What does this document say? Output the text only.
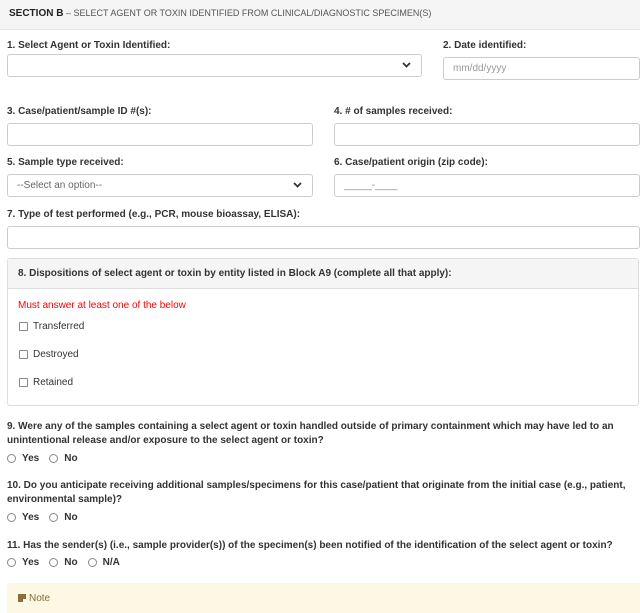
SECTION B – SELECT AGENT OR TOXIN IDENTIFIED FROM CLINICAL/DIAGNOSTIC SPECIMEN(S)
1. Select Agent or Toxin Identified:	2. Date identified:
mm/dd/yyyy
3. Case/patient/sample ID #(s):	4. # of samples received:
5. Sample type received:
--Select an option--
6. Case/patient origin (zip code):
_____-____
7. Type of test performed (e.g., PCR, mouse bioassay, ELISA):
8. Dispositions of select agent or toxin by entity listed in Block A9 (complete all that apply):
Must answer at least one of the below
Transferred
Destroyed
Retained
9. Were any of the samples containing a select agent or toxin handled outside of primary containment which may have led to an unintentional release and/or exposure to the select agent or toxin?
Yes	No
10. Do you anticipate receiving additional samples/specimens for this case/patient that originate from the initial case (e.g., patient, environmental sample)?
Yes	No
11. Has the sender(s) (i.e., sample provider(s)) of the specimen(s) been notified of the identification of the select agent or toxin?
Yes	No	N/A
Note
